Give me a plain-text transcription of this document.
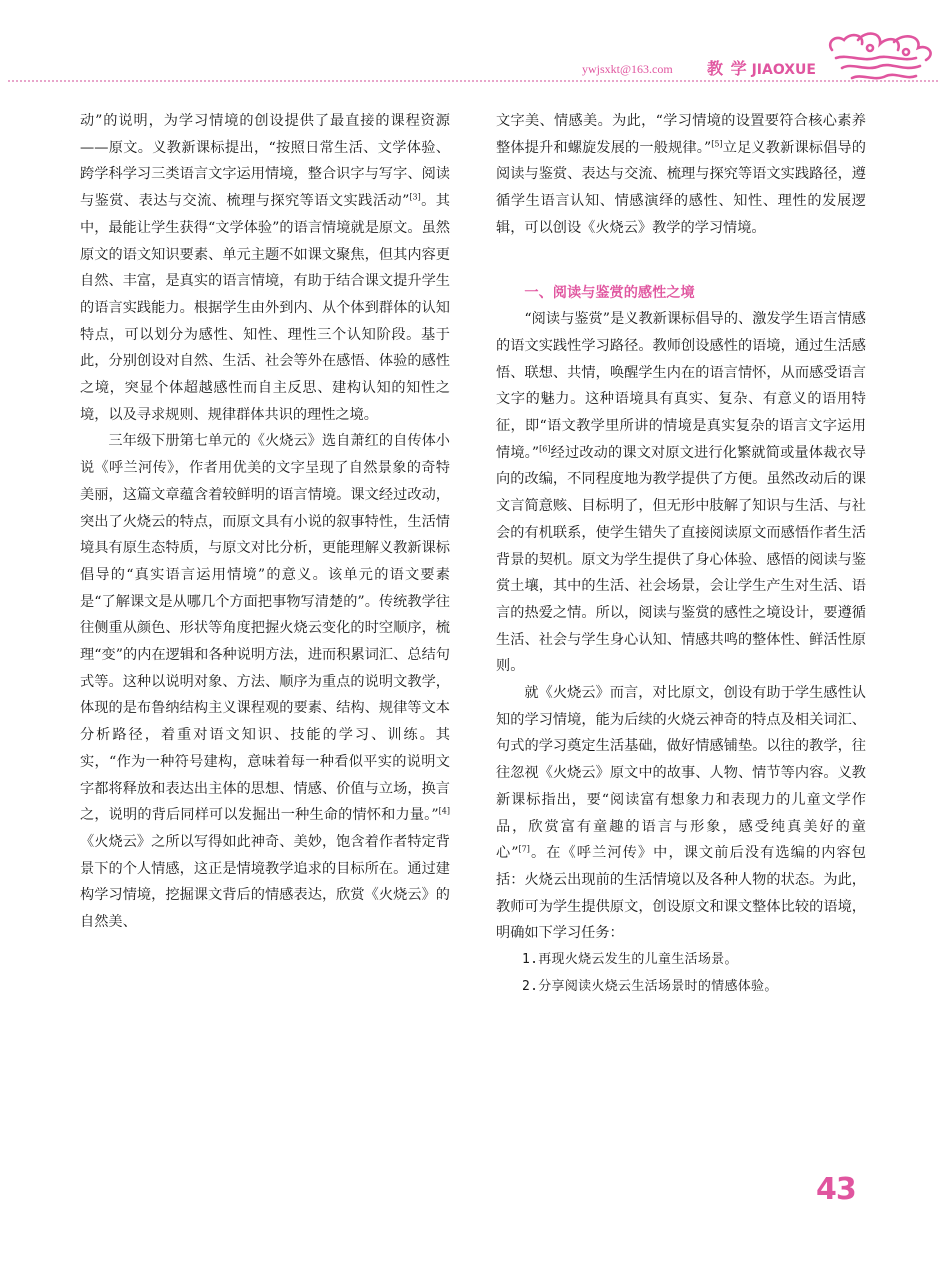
ywjsxkt@163.com 教 学 JIAOXUE

动”的说明，为学习情境的创设提供了最直接的课程资源——原文。义教新课标提出，“按照日常生活、文学体验、跨学科学习三类语言文字运用情境，整合识字与写字、阅读与鉴赏、表达与交流、梳理与探究等语文实践活动”[3]。其中，最能让学生获得“文学体验”的语言情境就是原文。虽然原文的语文知识要素、单元主题不如课文聚焦，但其内容更自然、丰富，是真实的语言情境，有助于结合课文提升学生的语言实践能力。根据学生由外到内、从个体到群体的认知特点，可以划分为感性、知性、理性三个认知阶段。基于此，分别创设对自然、生活、社会等外在感悟、体验的感性之境，突显个体超越感性而自主反思、建构认知的知性之境，以及寻求规则、规律群体共识的理性之境。

三年级下册第七单元的《火烧云》选自萧红的自传体小说《呼兰河传》，作者用优美的文字呈现了自然景象的奇特美丽，这篇文章蕴含着较鲜明的语言情境。课文经过改动，突出了火烧云的特点，而原文具有小说的叙事特性，生活情境具有原生态特质，与原文对比分析，更能理解义教新课标倡导的“真实语言运用情境”的意义。该单元的语文要素是“了解课文是从哪几个方面把事物写清楚的”。传统教学往往侧重从颜色、形状等角度把握火烧云变化的时空顺序，梳理“变”的内在逻辑和各种说明方法，进而积累词汇、总结句式等。这种以说明对象、方法、顺序为重点的说明文教学，体现的是布鲁纳结构主义课程观的要素、结构、规律等文本分析路径，着重对语文知识、技能的学习、训练。其实，“作为一种符号建构，意味着每一种看似平实的说明文字都将释放和表达出主体的思想、情感、价值与立场，换言之，说明的背后同样可以发掘出一种生命的情怀和力量。”[4]《火烧云》之所以写得如此神奇、美妙，饱含着作者特定背景下的个人情感，这正是情境教学追求的目标所在。通过建构学习情境，挖掘课文背后的情感表达，欣赏《火烧云》的自然美、

文字美、情感美。为此，“学习情境的设置要符合核心素养整体提升和螺旋发展的一般规律。”[5]立足义教新课标倡导的阅读与鉴赏、表达与交流、梳理与探究等语文实践路径，遵循学生语言认知、情感演绎的感性、知性、理性的发展逻辑，可以创设《火烧云》教学的学习情境。

一、阅读与鉴赏的感性之境

“阅读与鉴赏”是义教新课标倡导的、激发学生语言情感的语文实践性学习路径。教师创设感性的语境，通过生活感悟、联想、共情，唤醒学生内在的语言情怀，从而感受语言文字的魅力。这种语境具有真实、复杂、有意义的语用特征，即“语文教学里所讲的情境是真实复杂的语言文字运用情境。”[6]经过改动的课文对原文进行化繁就简或量体裁衣导向的改编，不同程度地为教学提供了方便。虽然改动后的课文言简意赅、目标明了，但无形中肢解了知识与生活、与社会的有机联系，使学生错失了直接阅读原文而感悟作者生活背景的契机。原文为学生提供了身心体验、感悟的阅读与鉴赏土壤，其中的生活、社会场景，会让学生产生对生活、语言的热爱之情。所以，阅读与鉴赏的感性之境设计，要遵循生活、社会与学生身心认知、情感共鸣的整体性、鲜活性原则。

就《火烧云》而言，对比原文，创设有助于学生感性认知的学习情境，能为后续的火烧云神奇的特点及相关词汇、句式的学习奠定生活基础，做好情感铺垫。以往的教学，往往忽视《火烧云》原文中的故事、人物、情节等内容。义教新课标指出，要“阅读富有想象力和表现力的儿童文学作品，欣赏富有童趣的语言与形象，感受纯真美好的童心”[7]。在《呼兰河传》中，课文前后没有选编的内容包括：火烧云出现前的生活情境以及各种人物的状态。为此，教师可为学生提供原文，创设原文和课文整体比较的语境，明确如下学习任务：

1.再现火烧云发生的儿童生活场景。

2.分享阅读火烧云生活场景时的情感体验。

43
